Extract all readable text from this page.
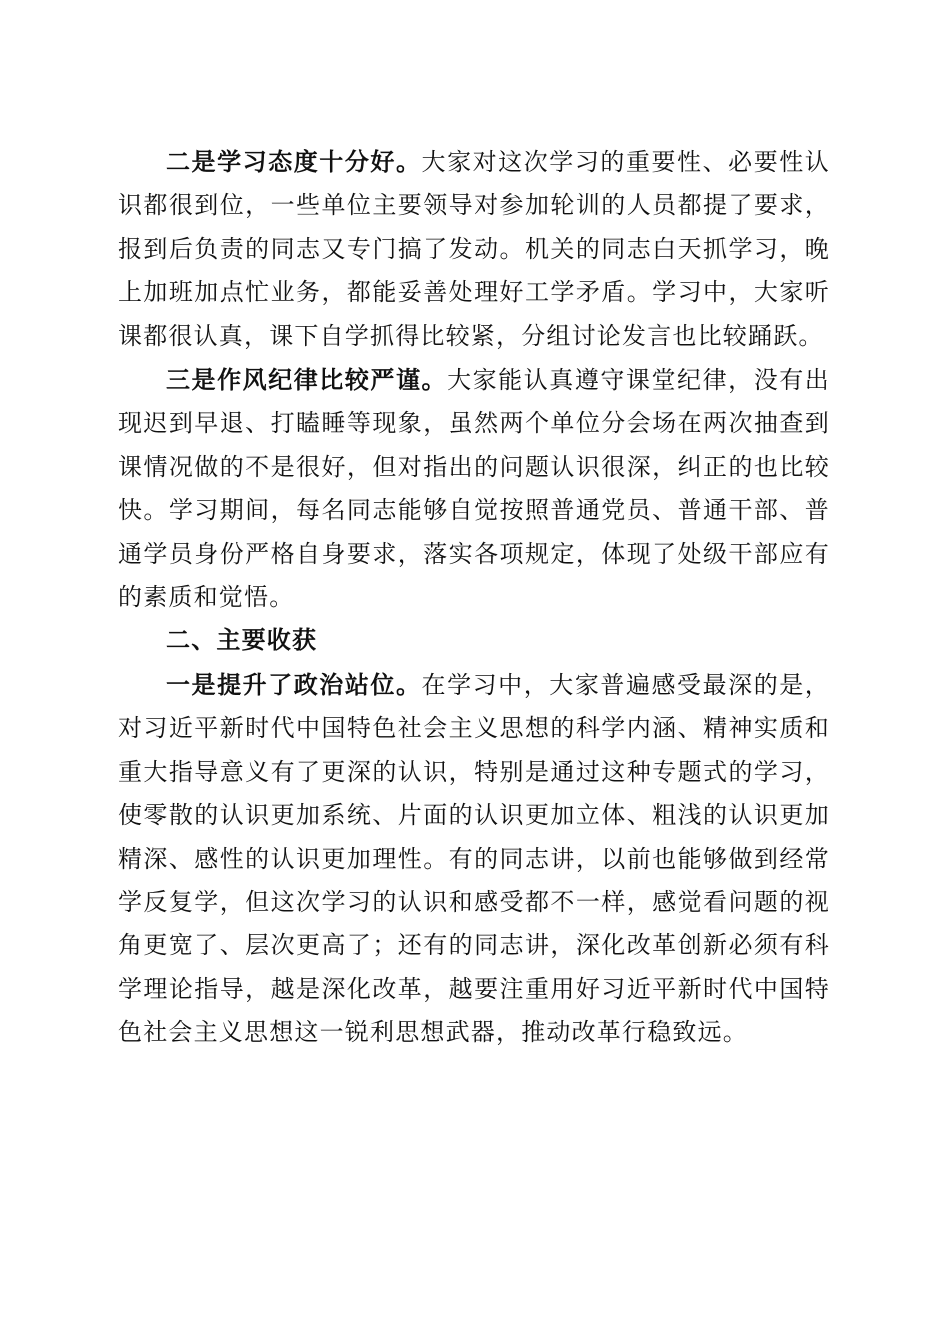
二是学习态度十分好。大家对这次学习的重要性、必要性认识都很到位，一些单位主要领导对参加轮训的人员都提了要求，报到后负责的同志又专门搞了发动。机关的同志白天抓学习，晚上加班加点忙业务，都能妥善处理好工学矛盾。学习中，大家听课都很认真，课下自学抓得比较紧，分组讨论发言也比较踊跃。

三是作风纪律比较严谨。大家能认真遵守课堂纪律，没有出现迟到早退、打瞌睡等现象，虽然两个单位分会场在两次抽查到课情况做的不是很好，但对指出的问题认识很深，纠正的也比较快。学习期间，每名同志能够自觉按照普通党员、普通干部、普通学员身份严格自身要求，落实各项规定，体现了处级干部应有的素质和觉悟。

二、主要收获

一是提升了政治站位。在学习中，大家普遍感受最深的是，对习近平新时代中国特色社会主义思想的科学内涵、精神实质和重大指导意义有了更深的认识，特别是通过这种专题式的学习，使零散的认识更加系统、片面的认识更加立体、粗浅的认识更加精深、感性的认识更加理性。有的同志讲，以前也能够做到经常学反复学，但这次学习的认识和感受都不一样，感觉看问题的视角更宽了、层次更高了；还有的同志讲，深化改革创新必须有科学理论指导，越是深化改革，越要注重用好习近平新时代中国特色社会主义思想这一锐利思想武器，推动改革行稳致远。
